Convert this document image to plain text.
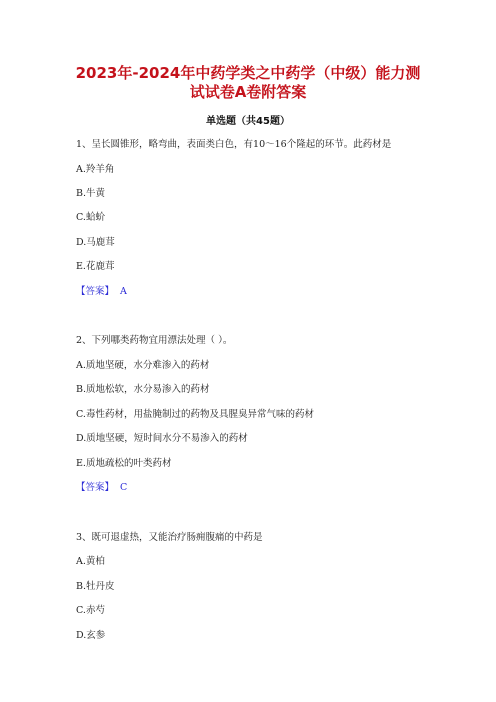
2023年-2024年中药学类之中药学（中级）能力测
试试卷A卷附答案
单选题（共45题）
1、呈长圆锥形，略弯曲，表面类白色，有10～16个隆起的环节。此药材是
A.羚羊角
B.牛黄
C.蛤蚧
D.马鹿茸
E.花鹿茸
【答案】 A
2、下列哪类药物宜用漂法处理（ ）。
A.质地坚硬，水分难渗入的药材
B.质地松软，水分易渗入的药材
C.毒性药材，用盐腌制过的药物及具腥臭异常气味的药材
D.质地坚硬，短时间水分不易渗入的药材
E.质地疏松的叶类药材
【答案】 C
3、既可退虚热，又能治疗肠痈腹痛的中药是
A.黄柏
B.牡丹皮
C.赤芍
D.玄参
